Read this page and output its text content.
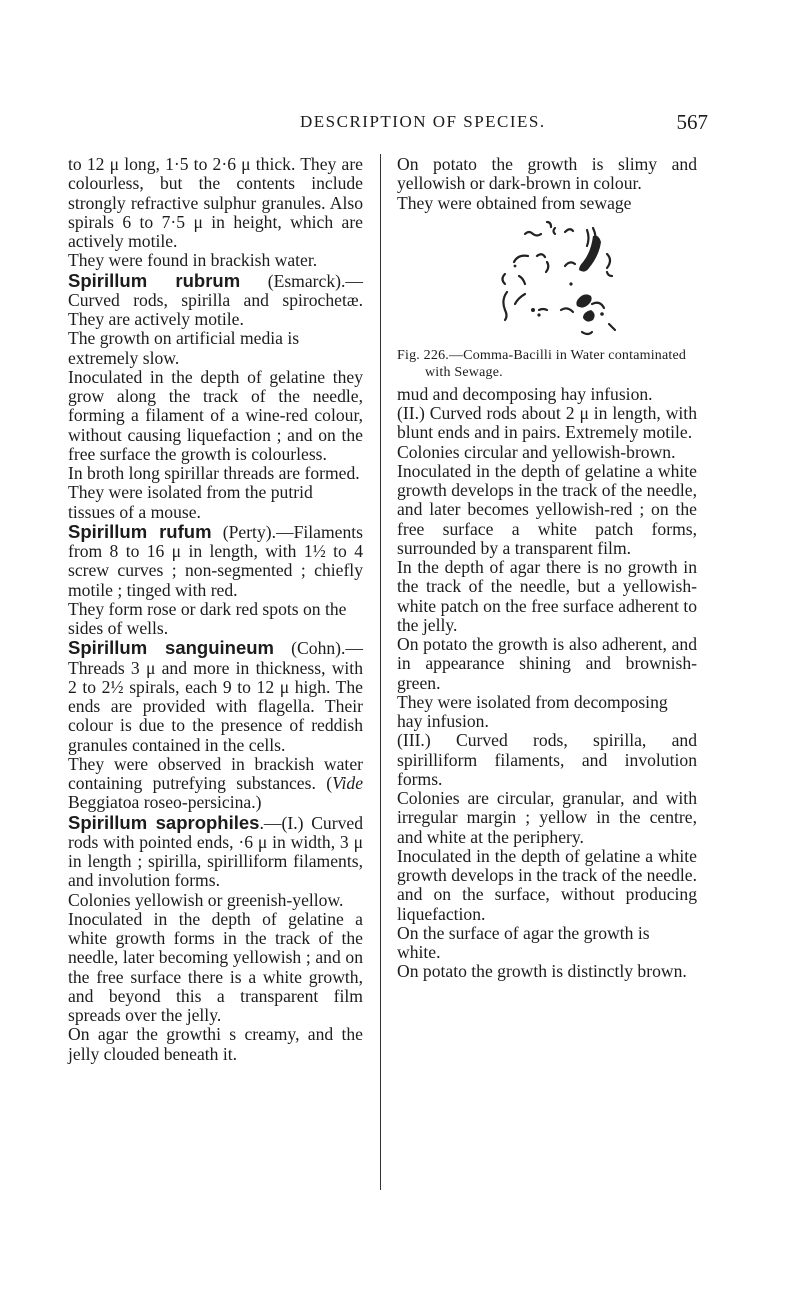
DESCRIPTION OF SPECIES.	567

to 12 μ long, 1·5 to 2·6 μ thick. They are colourless, but the contents include strongly refractive sulphur granules. Also spirals 6 to 7·5 μ in height, which are actively motile.

They were found in brackish water.

Spirillum rubrum (Esmarck).—Curved rods, spirilla and spirochetæ. They are actively motile.

The growth on artificial media is extremely slow.

Inoculated in the depth of gelatine they grow along the track of the needle, forming a filament of a wine-red colour, without causing liquefaction ; and on the free surface the growth is colourless.

In broth long spirillar threads are formed.

They were isolated from the putrid tissues of a mouse.

Spirillum rufum (Perty).—Filaments from 8 to 16 μ in length, with 1½ to 4 screw curves ; non-segmented ; chiefly motile ; tinged with red.

They form rose or dark red spots on the sides of wells.

Spirillum sanguineum (Cohn).—Threads 3 μ and more in thickness, with 2 to 2½ spirals, each 9 to 12 μ high. The ends are provided with flagella. Their colour is due to the presence of reddish granules contained in the cells.

They were observed in brackish water containing putrefying substances. (Vide Beggiatoa roseo-persicina.)

Spirillum saprophiles.—(I.) Curved rods with pointed ends, ·6 μ in width, 3 μ in length ; spirilla, spirilliform filaments, and involution forms.

Colonies yellowish or greenish-yellow.

Inoculated in the depth of gelatine a white growth forms in the track of the needle, later becoming yellowish ; and on the free surface there is a white growth, and beyond this a transparent film spreads over the jelly.

On agar the growthi s creamy, and the jelly clouded beneath it.

On potato the growth is slimy and yellowish or dark-brown in colour.

They were obtained from sewage

Fig. 226.—Comma-Bacilli in Water contaminated with Sewage.

mud and decomposing hay infusion.

(II.) Curved rods about 2 μ in length, with blunt ends and in pairs. Extremely motile.

Colonies circular and yellowish-brown.

Inoculated in the depth of gelatine a white growth develops in the track of the needle, and later becomes yellowish-red ; on the free surface a white patch forms, surrounded by a transparent film.

In the depth of agar there is no growth in the track of the needle, but a yellowish-white patch on the free surface adherent to the jelly.

On potato the growth is also adherent, and in appearance shining and brownish-green.

They were isolated from decomposing hay infusion.

(III.) Curved rods, spirilla, and spirilliform filaments, and involution forms.

Colonies are circular, granular, and with irregular margin ; yellow in the centre, and white at the periphery.

Inoculated in the depth of gelatine a white growth develops in the track of the needle. and on the surface, without producing liquefaction.

On the surface of agar the growth is white.

On potato the growth is distinctly brown.
